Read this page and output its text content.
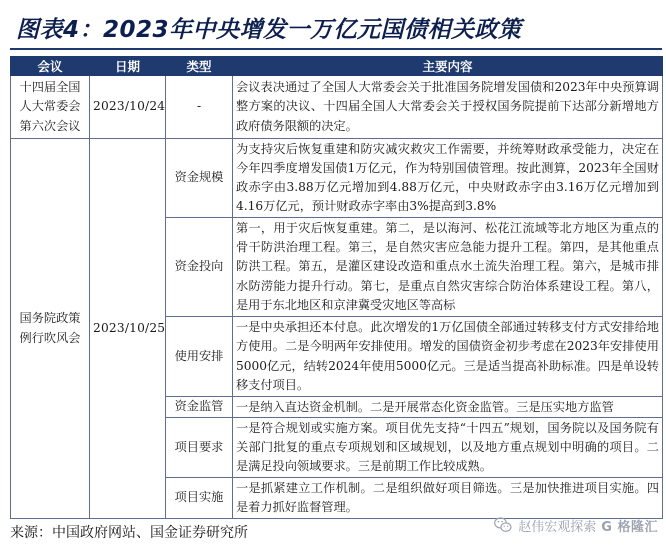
图表4：2023年中央增发一万亿元国债相关政策
会议	日期	类型	主要内容
十四届全国人大常委会第六次会议	2023/10/24	-	会议表决通过了全国人大常委会关于批准国务院增发国债和2023年中央预算调整方案的决议、十四届全国人大常委会关于授权国务院提前下达部分新增地方政府债务限额的决定。
国务院政策例行吹风会	2023/10/25	资金规模	为支持灾后恢复重建和防灾减灾救灾工作需要，并统筹财政承受能力，决定在今年四季度增发国债1万亿元，作为特别国债管理。按此测算，2023年全国财政赤字由3.88万亿元增加到4.88万亿元，中央财政赤字由3.16万亿元增加到4.16万亿元，预计财政赤字率由3%提高到3.8%
		资金投向	第一，用于灾后恢复重建。第二，是以海河、松花江流域等北方地区为重点的骨干防洪治理工程。第三，是自然灾害应急能力提升工程。第四，是其他重点防洪工程。第五，是灌区建设改造和重点水土流失治理工程。第六，是城市排水防涝能力提升行动。第七，是重点自然灾害综合防治体系建设工程。第八，是用于东北地区和京津冀受灾地区等高标
		使用安排	一是中央承担还本付息。此次增发的1万亿国债全部通过转移支付方式安排给地方使用。二是今明两年安排使用。增发的国债资金初步考虑在2023年安排使用5000亿元，结转2024年使用5000亿元。三是适当提高补助标准。四是单设转移支付项目。
		资金监管	一是纳入直达资金机制。二是开展常态化资金监管。三是压实地方监管
		项目要求	一是符合规划或实施方案。项目优先支持“十四五”规划，国务院以及国务院有关部门批复的重点专项规划和区域规划，以及地方重点规划中明确的项目。二是满足投向领域要求。三是前期工作比较成熟。
		项目实施	一是抓紧建立工作机制。二是组织做好项目筛选。三是加快推进项目实施。四是着力抓好监督管理。
来源：中国政府网站、国金证券研究所	赵伟宏观探索 G 格隆汇
